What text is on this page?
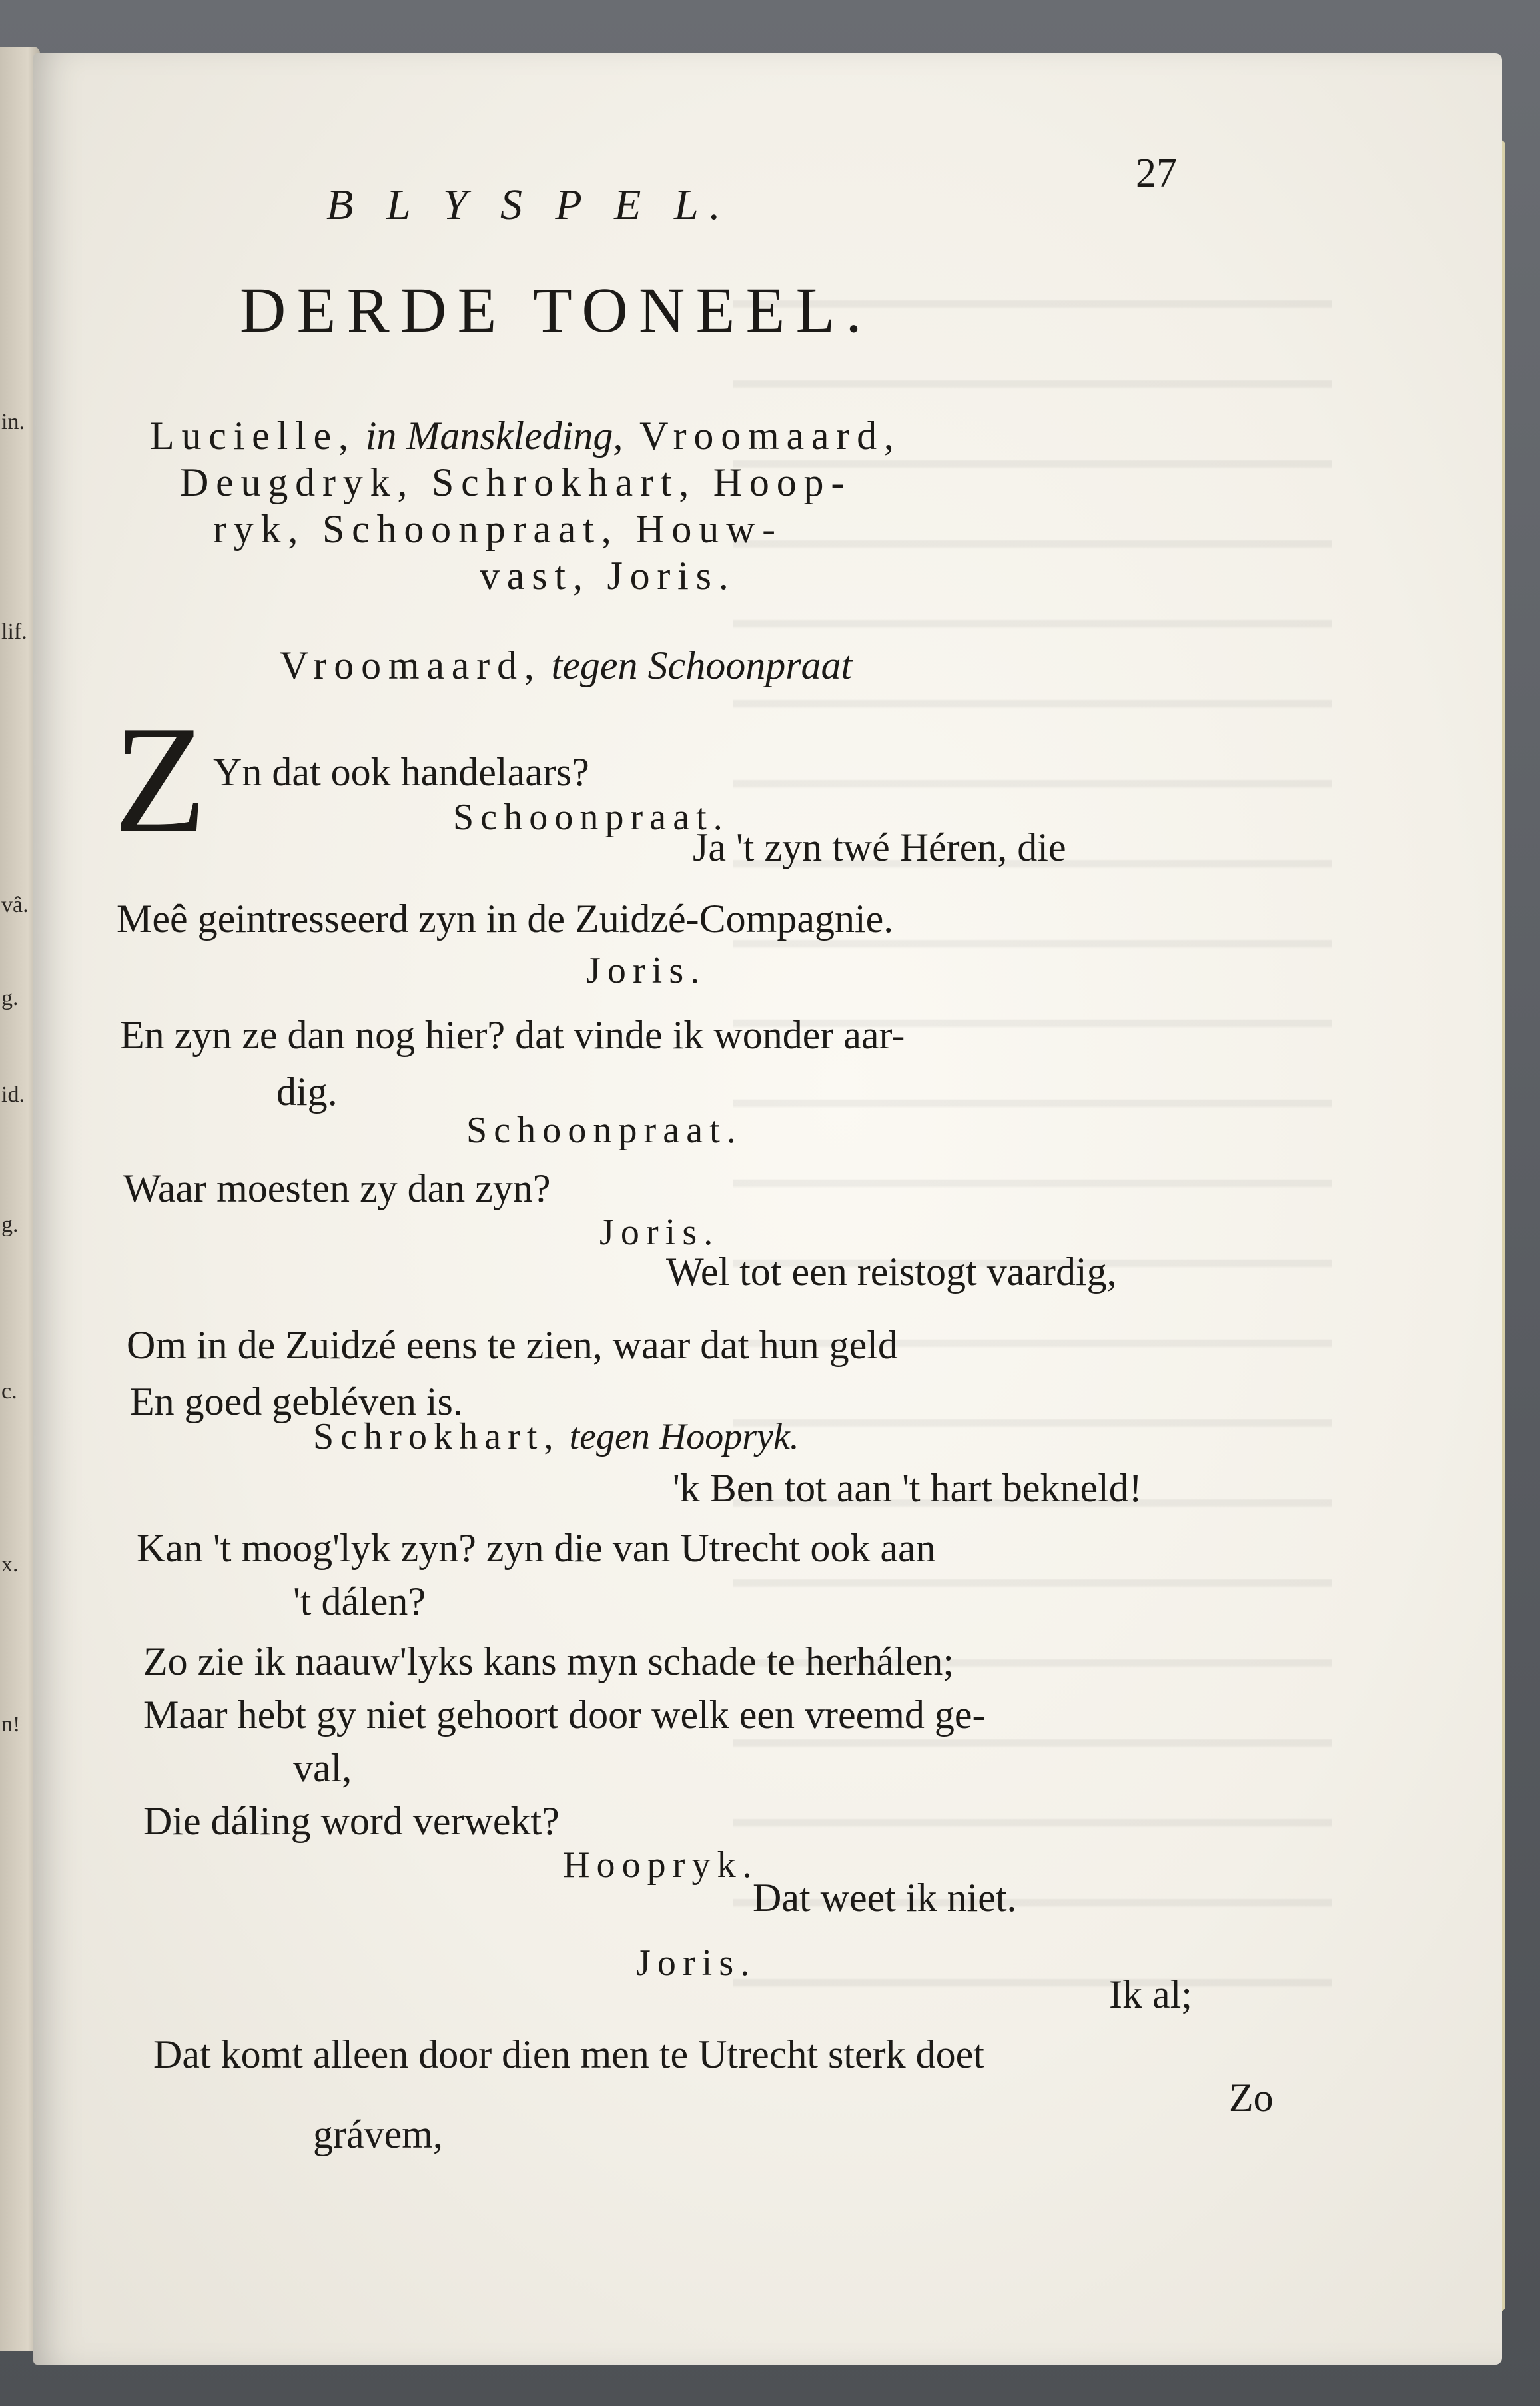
in.
lif.
vâ.
g.
id.
g.
c.
x.
n!
B L Y S P E L.
27
DERDE TONEEL.
Lucielle, in Manskleding, Vroomaard,
Deugdryk, Schrokhart, Hoop-
ryk, Schoonpraat, Houw-
vast, Joris.
Vroomaard, tegen Schoonpraat
Z Yn dat ook handelaars?
Schoonpraat.
Ja 't zyn twé Héren, die
Meê geintresseerd zyn in de Zuidzé-Compagnie.
Joris.
En zyn ze dan nog hier? dat vinde ik wonder aar-
dig.
Schoonpraat.
Waar moesten zy dan zyn?
Joris.
Wel tot een reistogt vaardig,
Om in de Zuidzé eens te zien, waar dat hun geld
En goed gebléven is.
Schrokhart, tegen Hoopryk.
'k Ben tot aan 't hart bekneld!
Kan 't moog'lyk zyn? zyn die van Utrecht ook aan
't dálen?
Zo zie ik naauw'lyks kans myn schade te herhálen;
Maar hebt gy niet gehoort door welk een vreemd ge-
val,
Die dáling word verwekt?
Hoopryk.
Dat weet ik niet.
Joris.
Ik al;
Dat komt alleen door dien men te Utrecht sterk doet
Zo
grávem,
